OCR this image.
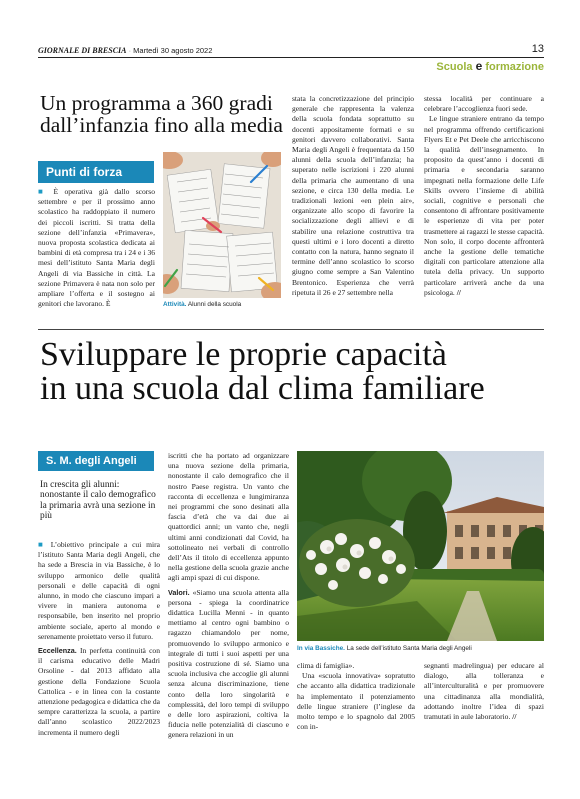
GIORNALE DI BRESCIA · Martedì 30 agosto 2022	13
Scuola e formazione
Un programma a 360 gradi
dall’infanzia fino alla media
Punti di forza

■ È operativa già dallo scorso settembre e per il prossimo anno scolastico ha raddoppiato il numero dei piccoli iscritti. Si tratta della sezione dell’infanzia «Primavera», nuova proposta scolastica dedicata ai bambini di età compresa tra i 24 e i 36 mesi dell’istituto Santa Maria degli Angeli di via Bassiche in città. La sezione Primavera è nata non solo per ampliare l’offerta e il sostegno ai genitori che lavorano. È	Attività. Alunni della scuola

stata la concretizzazione del principio generale che rappresenta la valenza della scuola fondata soprattutto su docenti appositamente formati e su genitori davvero collaborativi. Santa Maria degli Angeli è frequentata da 150 alunni della scuola dell’infanzia; ha superato nelle iscrizioni i 220 alunni della primaria che aumentano di una sezione, e circa 130 della media. Le tradizionali lezioni «en plein air», organizzate allo scopo di favorire la socializzazione degli allievi e di stabilire una relazione costruttiva tra questi ultimi e i loro docenti a diretto contatto con la natura, hanno segnato il termine dell’anno scolastico lo scorso giugno come sempre a San Valentino Brentonico. Esperienza che verrà ripetuta il 26 e 27 settembre nella

stessa località per continuare a celebrare l’accoglienza fuori sede.

Le lingue straniere entrano da tempo nel programma offrendo certificazioni Flyers Et e Pet Deele che arricchiscono la qualità dell’insegnamento. In proposito da quest’anno i docenti di primaria e secondaria saranno impegnati nella formazione delle Life Skills ovvero l’insieme di abilità sociali, cognitive e personali che consentono di affrontare positivamente le esperienze di vita per poter trasmettere ai ragazzi le stesse capacità. Non solo, il corpo docente affronterà anche la gestione delle tematiche digitali con particolare attenzione alla tutela della privacy. Un supporto particolare arriverà anche da una psicologa. //

Sviluppare le proprie capacità
in una scuola dal clima familiare
S. M. degli Angeli
In crescita gli alunni: nonostante il calo demografico la primaria avrà una sezione in più

■ L’obiettivo principale a cui mira l’istituto Santa Maria degli Angeli, che ha sede a Brescia in via Bassiche, è lo sviluppo armonico delle qualità personali e delle capacità di ogni alunno, in modo che ciascuno impari a vivere in maniera autonoma e responsabile, ben inserito nel proprio ambiente sociale, aperto al mondo e serenamente proiettato verso il futuro.

Eccellenza. In perfetta continuità con il carisma educativo delle Madri Orsoline - dal 2013 affidato alla gestione della Fondazione Scuola Cattolica - e in linea con la costante attenzione pedagogica e didattica che da sempre caratterizza la scuola, a partire dall’anno scolastico 2022/2023 incrementa il numero degli

iscritti che ha portato ad organizzare una nuova sezione della primaria, nonostante il calo demografico che il nostro Paese registra. Un vanto che racconta di eccellenza e lungimiranza nei programmi che sono desinati alla fascia d’età che va dai due ai quattordici anni; un vanto che, negli ultimi anni condizionati dal Covid, ha sottolineato nei verbali di controllo dell’Ats il titolo di eccellenza appunto nella gestione della scuola grazie anche agli ampi spazi di cui dispone.

Valori. «Siamo una scuola attenta alla persona - spiega la coordinatrice didattica Lucilla Menni - in quanto mettiamo al centro ogni bambino o ragazzo chiamandolo per nome, promuovendo lo sviluppo armonico e integrale di tutti i suoi aspetti per una positiva costruzione di sé. Siamo una scuola inclusiva che accoglie gli alunni senza alcuna discriminazione, tiene conto della loro singolarità e complessità, del loro tempi di sviluppo e delle loro aspirazioni, coltiva la fiducia nelle potenzialità di ciascuno e genera relazioni in un

In via Bassiche. La sede dell’istituto Santa Maria degli Angeli

clima di famiglia».

Una «scuola innovativa» sopratutto che accanto alla didattica tradizionale ha implementato il potenziamento delle lingue straniere (l’inglese da molto tempo e lo spagnolo dal 2005 con in-

segnanti madrelingua) per educare al dialogo, alla tolleranza e all’interculturalità e per promuovere una cittadinanza alla mondialità, adottando inoltre l’idea di spazi tramutati in aule laboratorio. //
